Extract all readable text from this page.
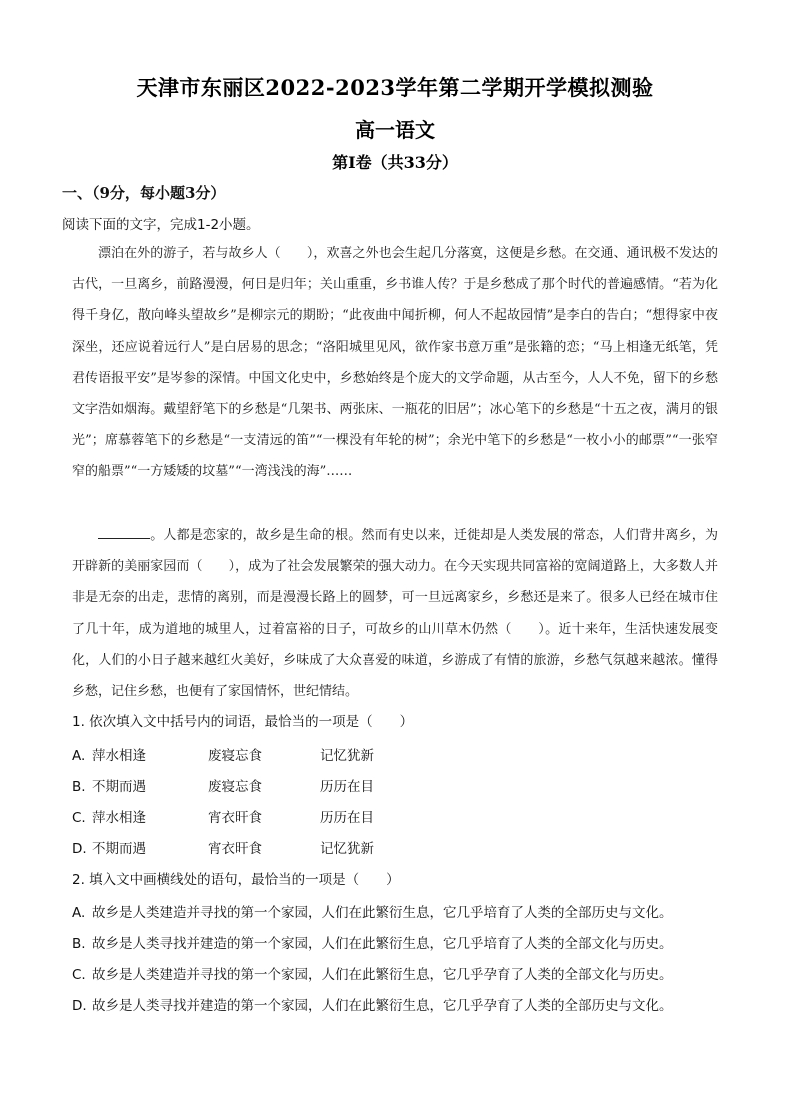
天津市东丽区2022-2023学年第二学期开学模拟测验
高一语文
第Ⅰ卷（共33分）
一、（9分，每小题3分）
阅读下面的文字，完成1-2小题。
漂泊在外的游子，若与故乡人（　　），欢喜之外也会生起几分落寞，这便是乡愁。在交通、通讯极不发达的古代，一旦离乡，前路漫漫，何日是归年；关山重重，乡书谁人传？于是乡愁成了那个时代的普遍感情。“若为化得千身亿，散向峰头望故乡”是柳宗元的期盼；“此夜曲中闻折柳，何人不起故园情”是李白的告白；“想得家中夜深坐，还应说着远行人”是白居易的思念；“洛阳城里见风，欲作家书意万重”是张籍的恋；“马上相逢无纸笔，凭君传语报平安”是岑参的深情。中国文化史中，乡愁始终是个庞大的文学命题，从古至今，人人不免，留下的乡愁文字浩如烟海。戴望舒笔下的乡愁是“几架书、两张床、一瓶花的旧居”；冰心笔下的乡愁是“十五之夜，满月的银光”；席慕蓉笔下的乡愁是“一支清远的笛”“一棵没有年轮的树”；余光中笔下的乡愁是“一枚小小的邮票”“一张窄窄的船票”“一方矮矮的坟墓”“一湾浅浅的海”……
。人都是恋家的，故乡是生命的根。然而有史以来，迁徙却是人类发展的常态，人们背井离乡，为开辟新的美丽家园而（　　），成为了社会发展繁荣的强大动力。在今天实现共同富裕的宽阔道路上，大多数人并非是无奈的出走，悲情的离别，而是漫漫长路上的圆梦，可一旦远离家乡，乡愁还是来了。很多人已经在城市住了几十年，成为道地的城里人，过着富裕的日子，可故乡的山川草木仍然（　　）。近十来年，生活快速发展变化，人们的小日子越来越红火美好，乡味成了大众喜爱的味道，乡游成了有情的旅游，乡愁气氛越来越浓。懂得乡愁，记住乡愁，也便有了家国情怀，世纪情结。
1. 依次填入文中括号内的词语，最恰当的一项是（　　）
A. 萍水相逢	废寝忘食	记忆犹新
B. 不期而遇	废寝忘食	历历在目
C. 萍水相逢	宵衣旰食	历历在目
D. 不期而遇	宵衣旰食	记忆犹新
2. 填入文中画横线处的语句，最恰当的一项是（　　）
A. 故乡是人类建造并寻找的第一个家园，人们在此繁衍生息，它几乎培育了人类的全部历史与文化。
B. 故乡是人类寻找并建造的第一个家园，人们在此繁衍生息，它几乎培育了人类的全部文化与历史。
C. 故乡是人类建造并寻找的第一个家园，人们在此繁衍生息，它几乎孕育了人类的全部文化与历史。
D. 故乡是人类寻找并建造的第一个家园，人们在此繁衍生息，它几乎孕育了人类的全部历史与文化。
